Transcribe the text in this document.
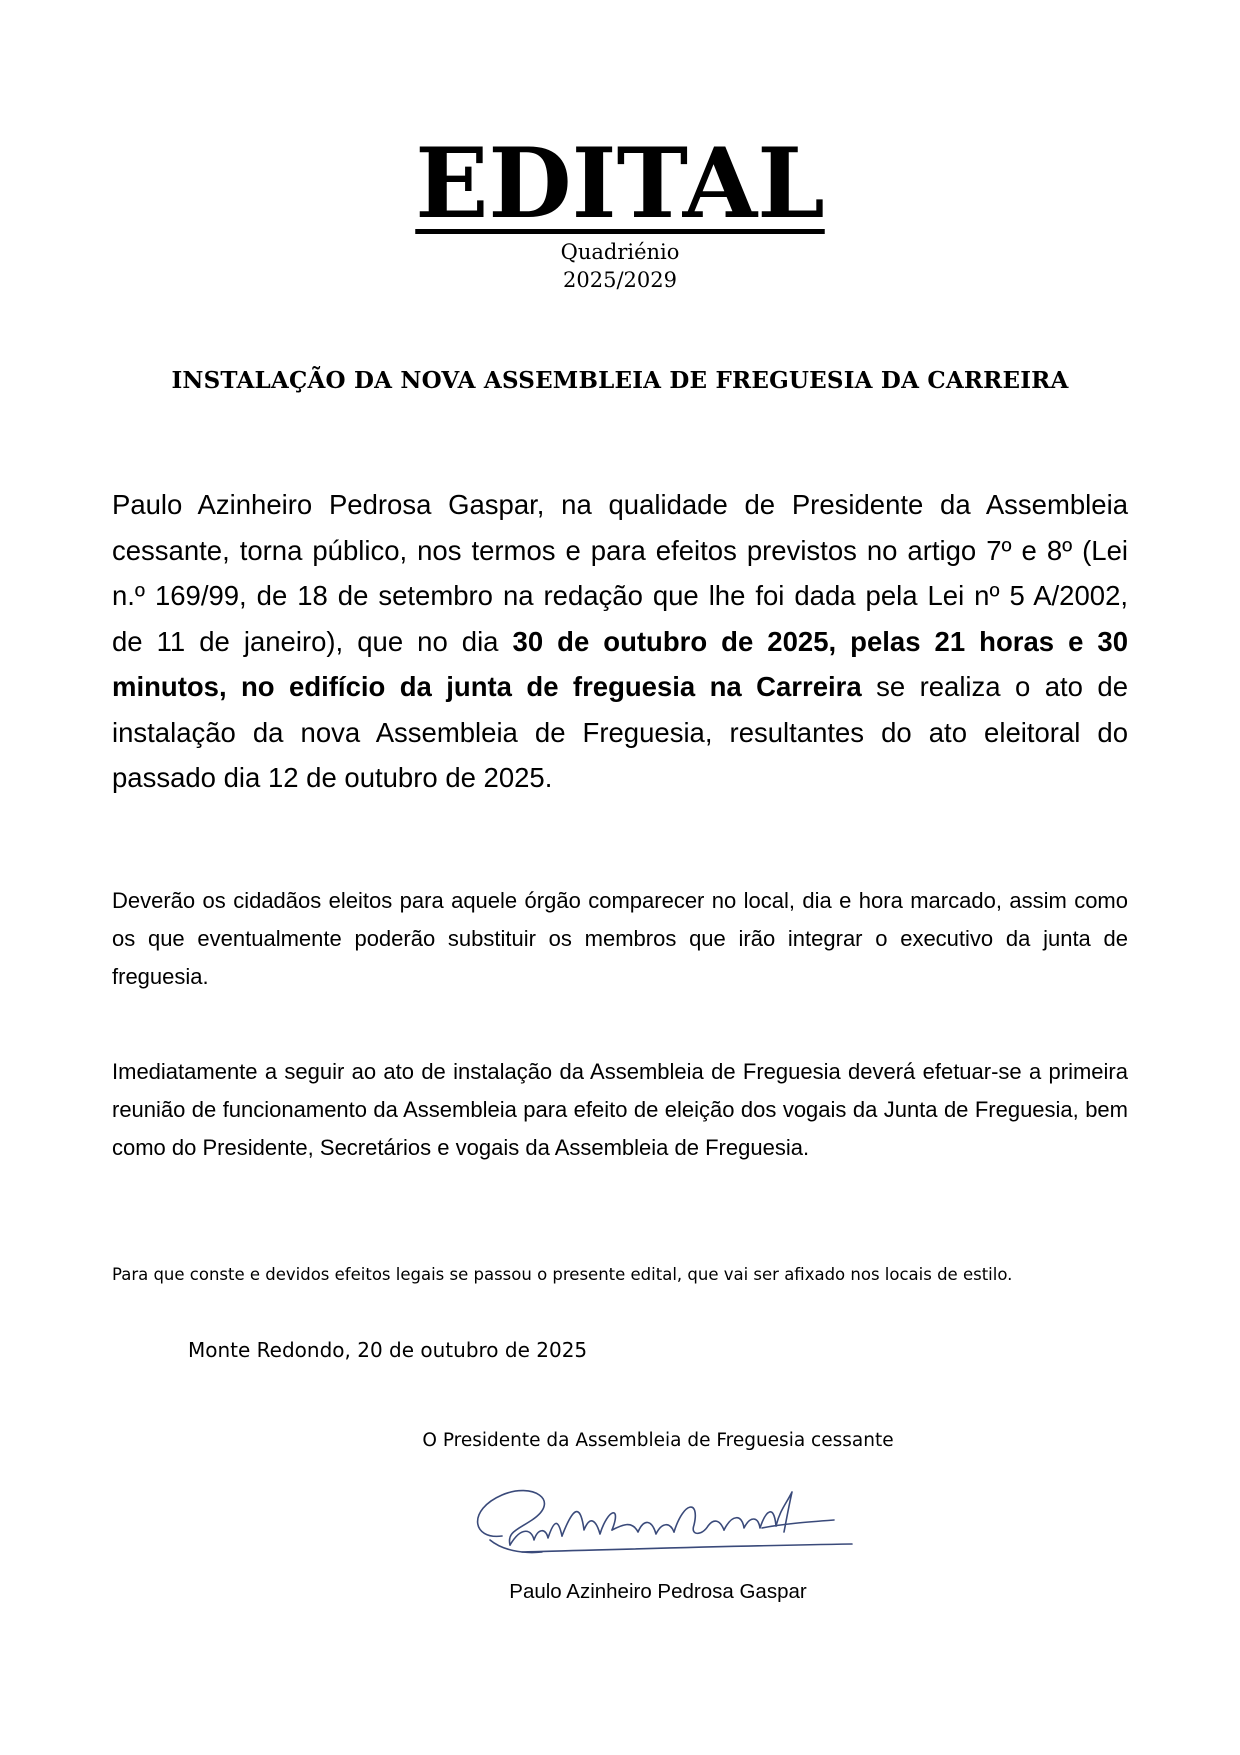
EDITAL
Quadriénio
2025/2029
INSTALAÇÃO DA NOVA ASSEMBLEIA DE FREGUESIA DA CARREIRA
Paulo Azinheiro Pedrosa Gaspar, na qualidade de Presidente da Assembleia cessante, torna público, nos termos e para efeitos previstos no artigo 7º e 8º (Lei n.º 169/99, de 18 de setembro na redação que lhe foi dada pela Lei nº 5 A/2002, de 11 de janeiro), que no dia 30 de outubro de 2025, pelas 21 horas e 30 minutos, no edifício da junta de freguesia na Carreira se realiza o ato de instalação da nova Assembleia de Freguesia, resultantes do ato eleitoral do passado dia 12 de outubro de 2025.
Deverão os cidadãos eleitos para aquele órgão comparecer no local, dia e hora marcado, assim como os que eventualmente poderão substituir os membros que irão integrar o executivo da junta de freguesia.
Imediatamente a seguir ao ato de instalação da Assembleia de Freguesia deverá efetuar-se a primeira reunião de funcionamento da Assembleia para efeito de eleição dos vogais da Junta de Freguesia, bem como do Presidente, Secretários e vogais da Assembleia de Freguesia.
Para que conste e devidos efeitos legais se passou o presente edital, que vai ser afixado nos locais de estilo.
Monte Redondo, 20 de outubro de 2025
O Presidente da Assembleia de Freguesia cessante
Paulo Azinheiro Pedrosa Gaspar
